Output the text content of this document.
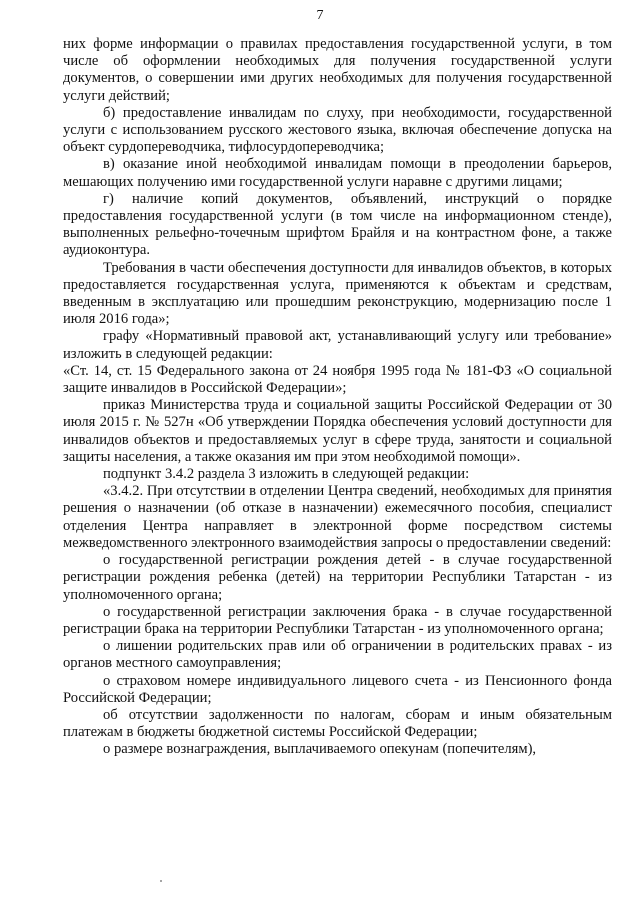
7

них форме информации о правилах предоставления государственной услуги, в том числе об оформлении необходимых для получения государственной услуги документов, о совершении ими других необходимых для получения государственной услуги действий;

б) предоставление инвалидам по слуху, при необходимости, государственной услуги с использованием русского жестового языка, включая обеспечение допуска на объект сурдопереводчика, тифлосурдопереводчика;

в) оказание иной необходимой инвалидам помощи в преодолении барьеров, мешающих получению ими государственной услуги наравне с другими лицами;

г) наличие копий документов, объявлений, инструкций о порядке предоставления государственной услуги (в том числе на информационном стенде), выполненных рельефно-точечным шрифтом Брайля и на контрастном фоне, а также аудиоконтура.

Требования в части обеспечения доступности для инвалидов объектов, в которых предоставляется государственная услуга, применяются к объектам и средствам, введенным в эксплуатацию или прошедшим реконструкцию, модернизацию после 1 июля 2016 года»;

графу «Нормативный правовой акт, устанавливающий услугу или требование» изложить в следующей редакции:

«Ст. 14, ст. 15 Федерального закона от 24 ноября 1995 года № 181-ФЗ «О социальной защите инвалидов в Российской Федерации»;

приказ Министерства труда и социальной защиты Российской Федерации от 30 июля 2015 г. № 527н «Об утверждении Порядка обеспечения условий доступности для инвалидов объектов и предоставляемых услуг в сфере труда, занятости и социальной защиты населения, а также оказания им при этом необходимой помощи».

подпункт 3.4.2 раздела 3 изложить в следующей редакции:

«3.4.2. При отсутствии в отделении Центра сведений, необходимых для принятия решения о назначении (об отказе в назначении) ежемесячного пособия, специалист отделения Центра направляет в электронной форме посредством системы межведомственного электронного взаимодействия запросы о предоставлении сведений:

о государственной регистрации рождения детей - в случае государственной регистрации рождения ребенка (детей) на территории Республики Татарстан - из уполномоченного органа;

о государственной регистрации заключения брака - в случае государственной регистрации брака на территории Республики Татарстан - из уполномоченного органа;

о лишении родительских прав или об ограничении в родительских правах - из органов местного самоуправления;

о страховом номере индивидуального лицевого счета - из Пенсионного фонда Российской Федерации;

об отсутствии задолженности по налогам, сборам и иным обязательным платежам в бюджеты бюджетной системы Российской Федерации;

о размере вознаграждения, выплачиваемого опекунам (попечителям),
